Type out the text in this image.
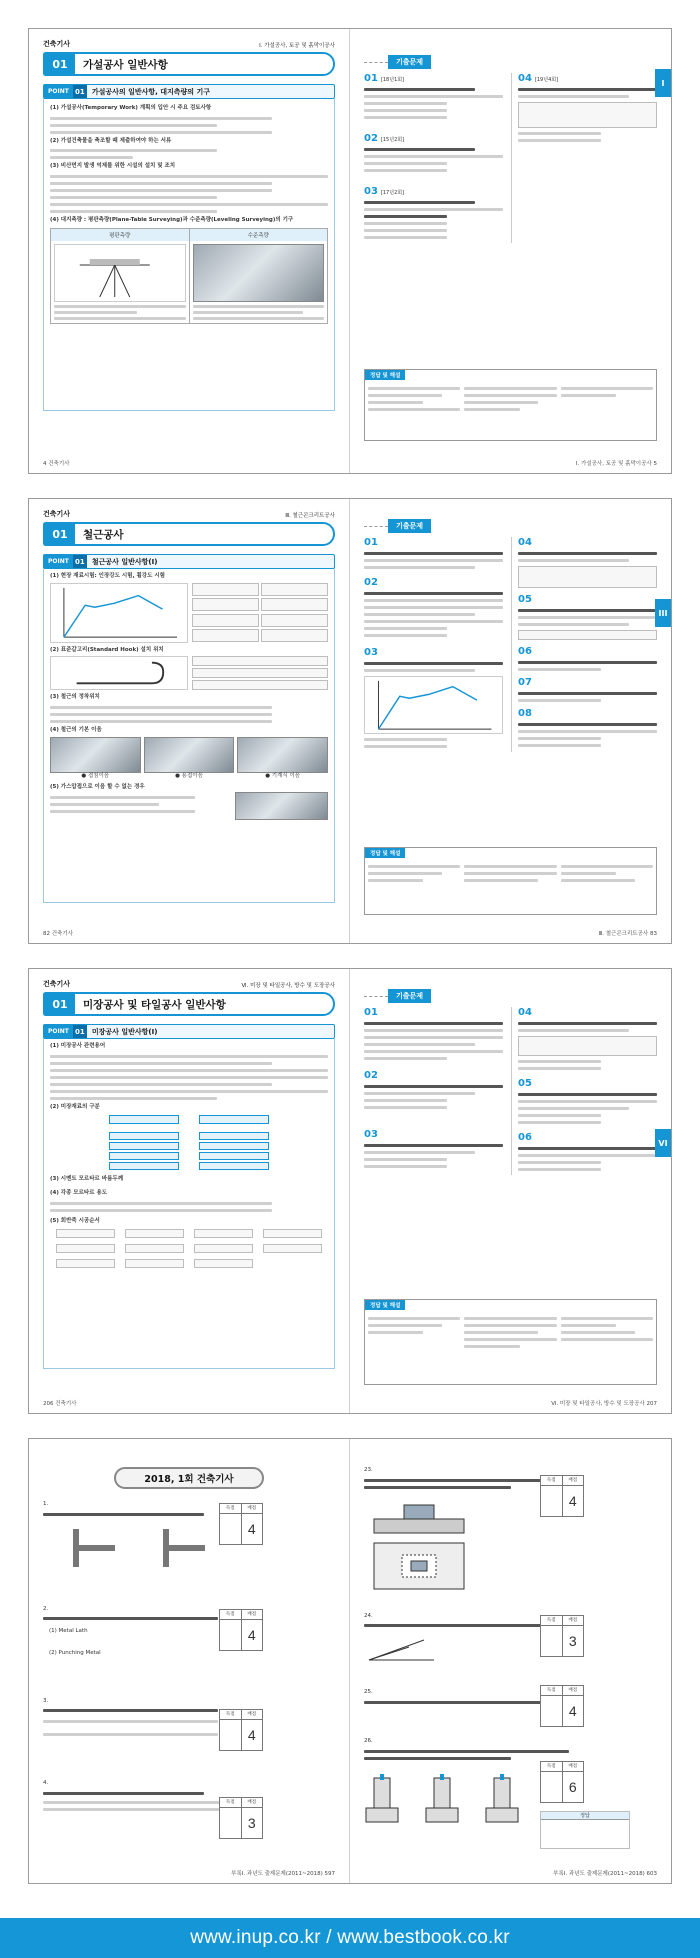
건축기사	Ⅰ. 가설공사, 토공 및 흙막이공사
01	가설공사 일반사항
POINT 01	가설공사의 일반사항, 대지측량의 기구
(1) 가설공사(Temporary Work) 계획의 입안 시 주요 검토사항
(2) 가설건축물을 축조할 때 제출하여야 하는 서류
(3) 비산먼지 발생 억제를 위한 시설의 설치 및 조치
(4) 대지측량 : 평판측량(Plane-Table Surveying)과 수준측량(Leveling Surveying)의 기구
평판측량	수준측량
4 건축기사
I
기출문제
01 [18년1회]
02 [15년2회]
03 [17년2회]
04 [19년4회]
정답 및 해설
Ⅰ. 가설공사, 토공 및 흙막이공사 5
건축기사	Ⅲ. 철근콘크리트공사
01	철근공사
POINT 01	철근공사 일반사항(Ⅰ)
(1) 현장 재료시험: 인장강도 시험, 휨강도 시험
(2) 표준갈고리(Standard Hook) 설치 위치
(3) 철근의 정착위치
(4) 철근의 기본 이음
● 겹침이음	● 용접이음	● 기계식 이음
(5) 가스압접으로 이음 할 수 없는 경우
82 건축기사
III
기출문제
01
02
03
04
05
06
07
08
정답 및 해설
Ⅲ. 철근콘크리트공사 83
건축기사	Ⅵ. 미장 및 타일공사, 방수 및 도장공사
01	미장공사 및 타일공사 일반사항
POINT 01	미장공사 일반사항(Ⅰ)
(1) 미장공사 관련용어
(2) 미장재료의 구분
(3) 시멘트 모르타르 바름두께
(4) 각종 모르타르 용도
(5) 회반죽 시공순서
206 건축기사
VI
기출문제
01
02
03
04
05
06
정답 및 해설
Ⅵ. 미장 및 타일공사, 방수 및 도장공사 207
2018, 1회 건축기사
1.
득점	배점
4
2.
(1) Metal Lath
(2) Punching Metal
득점	배점
4
3.
득점	배점
4
4.
득점	배점
3
부록Ⅰ. 과년도 출제문제(2011~2018) 597
23.
득점	배점
4
24.
득점	배점
3
25.	득점	배점
4
26.
득점	배점
6
정답
부록Ⅰ. 과년도 출제문제(2011~2018) 603
www.inup.co.kr / www.bestbook.co.kr
